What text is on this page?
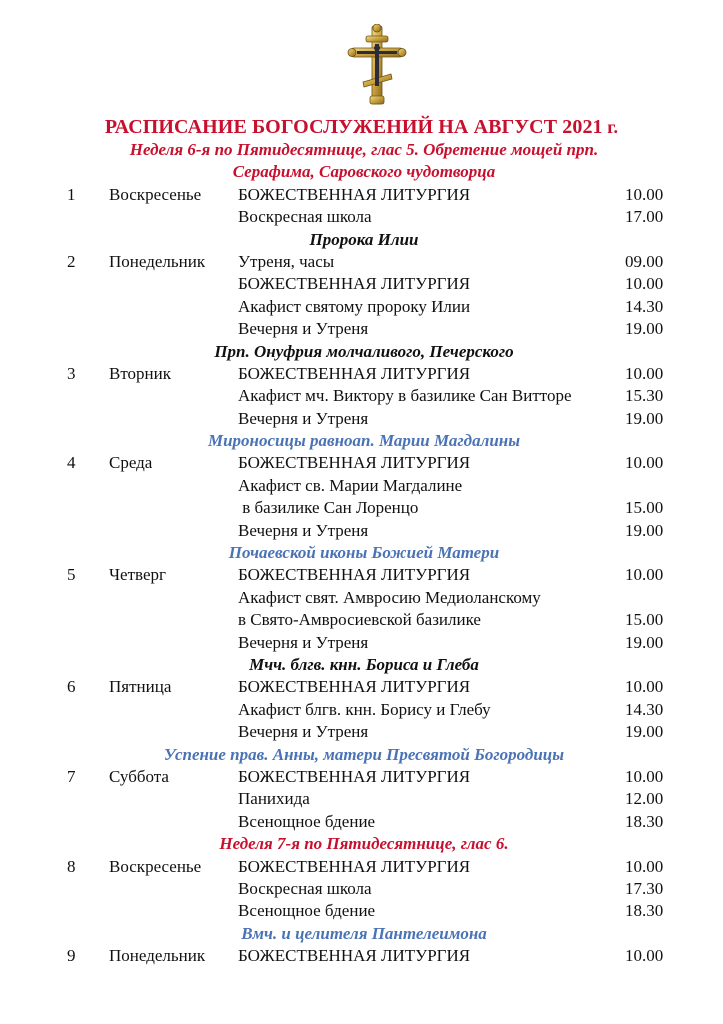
РАСПИСАНИЕ БОГОСЛУЖЕНИЙ НА АВГУСТ 2021 г.
Неделя 6-я по Пятидесятнице, глас 5. Обретение мощей прп.
Серафима, Саровского чудотворца
1 Воскресенье БОЖЕСТВЕННАЯ ЛИТУРГИЯ	10.00
Воскресная школа	17.00
Пророка Илии
2 Понедельник Утреня, часы	09.00
БОЖЕСТВЕННАЯ ЛИТУРГИЯ	10.00
Акафист святому пророку Илии	14.30
Вечерня и Утреня	19.00
Прп. Онуфрия молчаливого, Печерского
3 Вторник	БОЖЕСТВЕННАЯ ЛИТУРГИЯ	10.00
Акафист мч. Виктору в базилике Сан Витторе	15.30
Вечерня и Утреня	19.00
Мироносицы равноап. Марии Магдалины
4 Среда	БОЖЕСТВЕННАЯ ЛИТУРГИЯ	10.00
Акафист св. Марии Магдалине
в базилике Сан Лоренцо	15.00
Вечерня и Утреня	19.00
Почаевской иконы Божией Матери
5 Четверг	БОЖЕСТВЕННАЯ ЛИТУРГИЯ	10.00
Акафист свят. Амвросию Медиоланскому
в Свято-Амвросиевской базилике	15.00
Вечерня и Утреня	19.00
Мчч. блгв. кнн. Бориса и Глеба
6 Пятница	БОЖЕСТВЕННАЯ ЛИТУРГИЯ	10.00
Акафист блгв. кнн. Борису и Глебу	14.30
Вечерня и Утреня	19.00
Успение прав. Анны, матери Пресвятой Богородицы
7 Суббота	БОЖЕСТВЕННАЯ ЛИТУРГИЯ	10.00
Панихида	12.00
Всенощное бдение	18.30
Неделя 7-я по Пятидесятнице, глас 6.
8 Воскресенье БОЖЕСТВЕННАЯ ЛИТУРГИЯ	10.00
Воскресная школа	17.30
Всенощное бдение	18.30
Вмч. и целителя Пантелеимона
9 Понедельник БОЖЕСТВЕННАЯ ЛИТУРГИЯ	10.00
